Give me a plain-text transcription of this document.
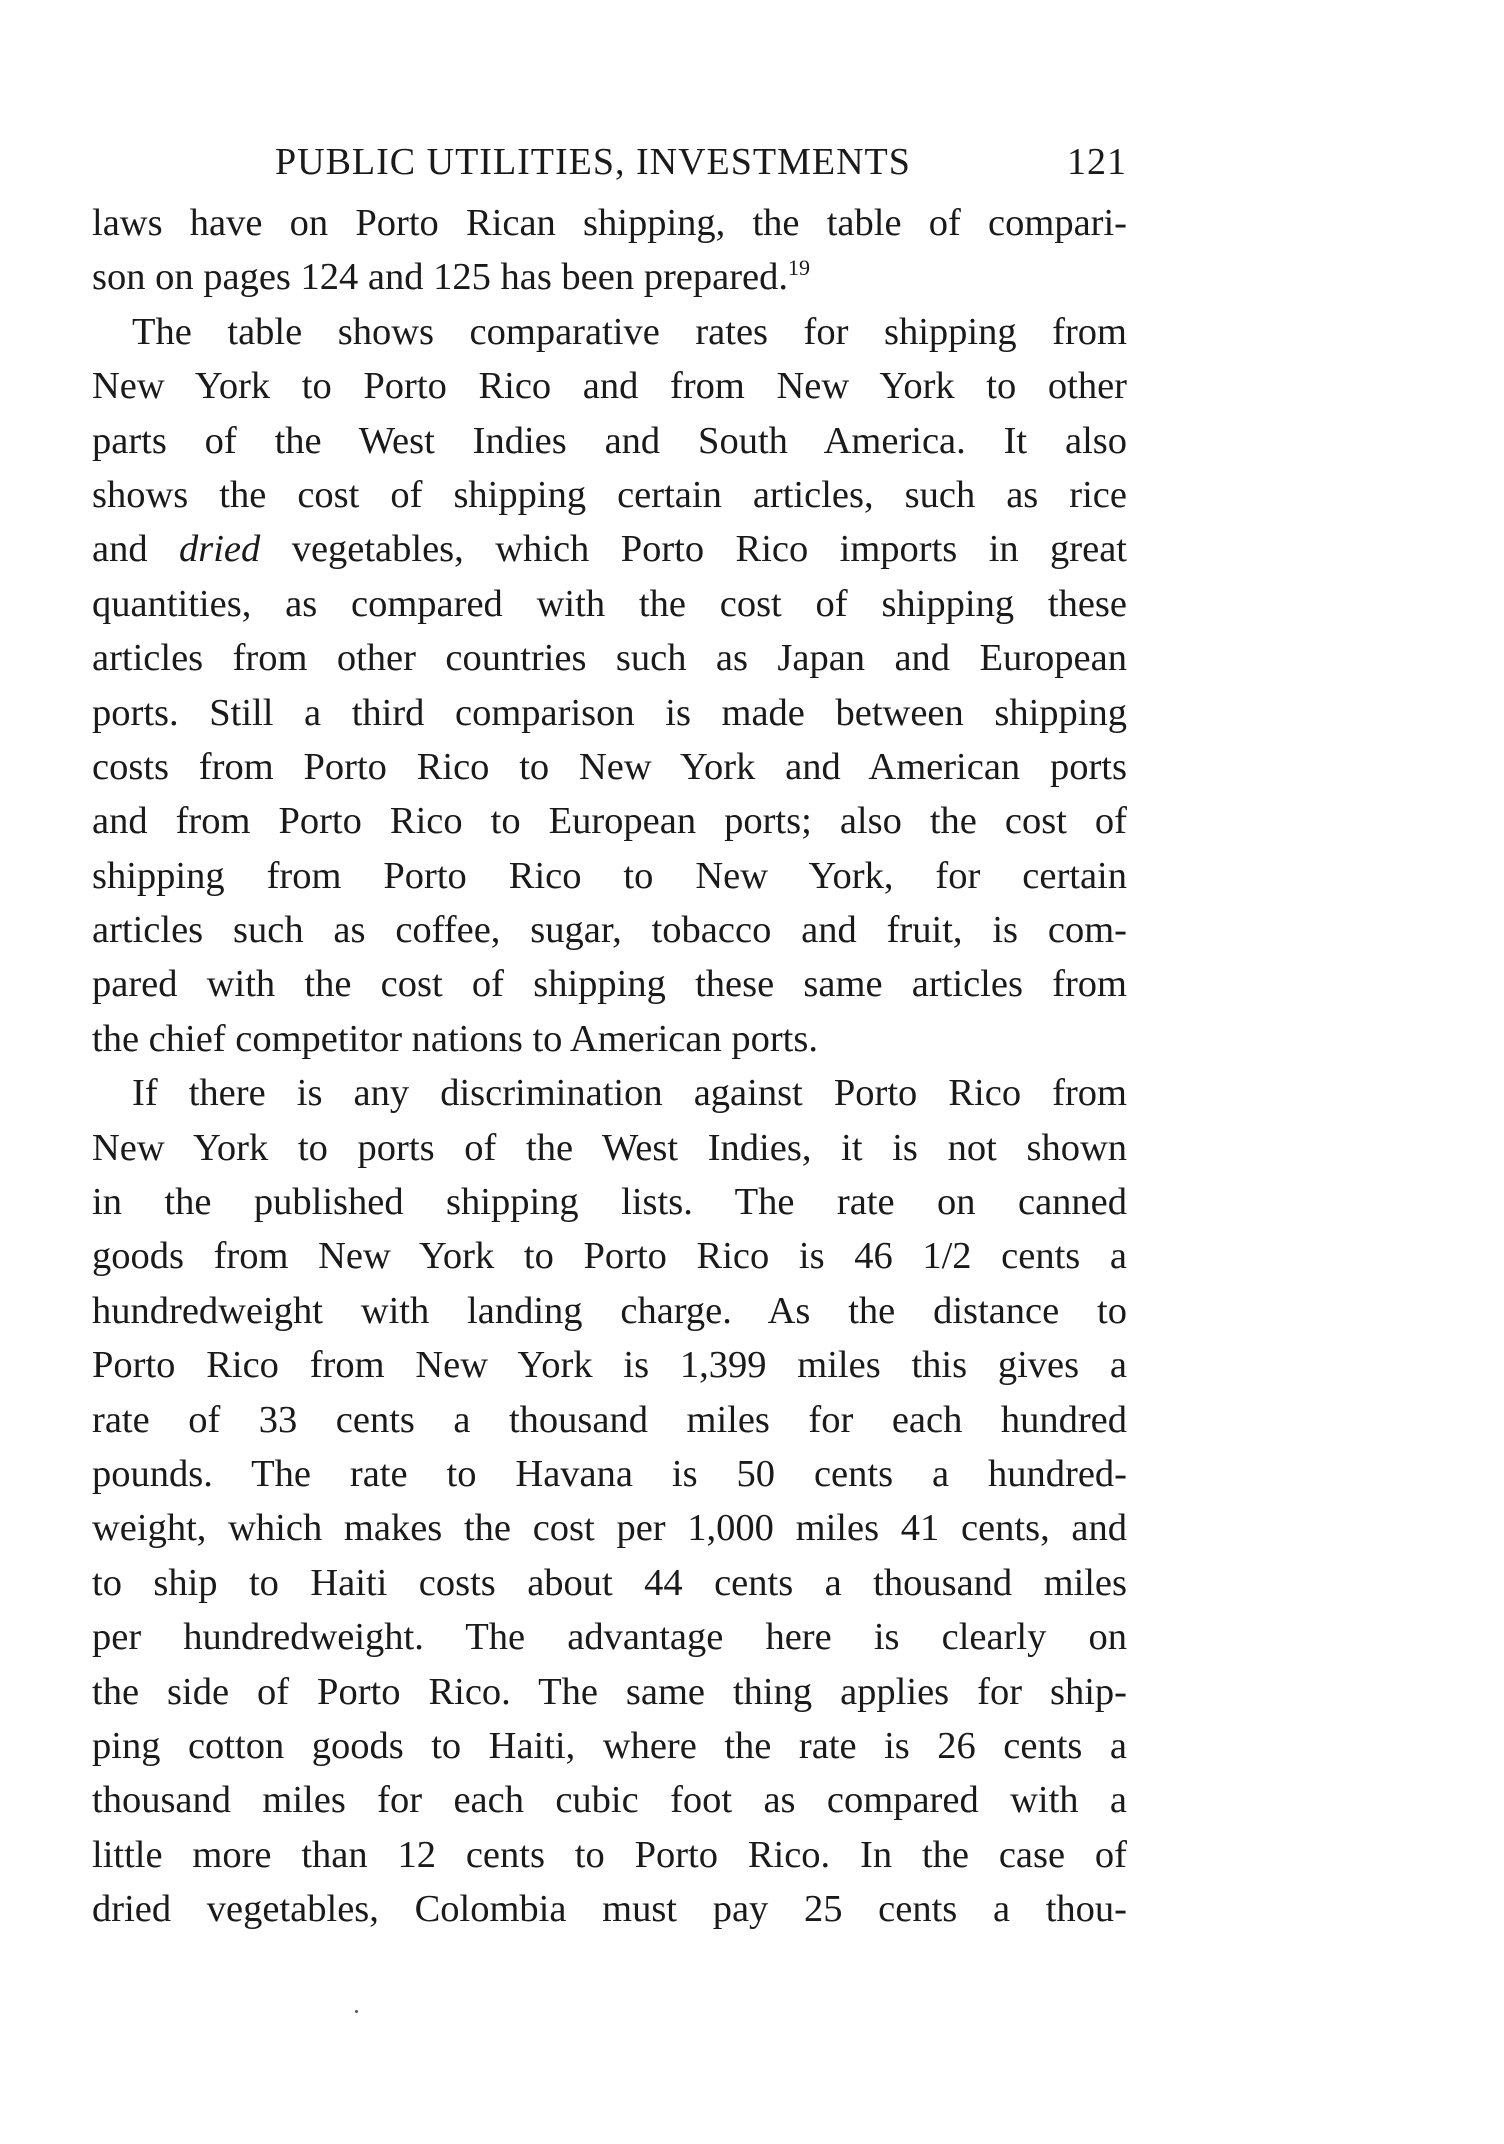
PUBLIC UTILITIES, INVESTMENTS	121
laws have on Porto Rican shipping, the table of compari-
son on pages 124 and 125 has been prepared.$^{19}$
The table shows comparative rates for shipping from
New York to Porto Rico and from New York to other
parts of the West Indies and South America. It also
shows the cost of shipping certain articles, such as rice
and dried vegetables, which Porto Rico imports in great
quantities, as compared with the cost of shipping these
articles from other countries such as Japan and European
ports. Still a third comparison is made between shipping
costs from Porto Rico to New York and American ports
and from Porto Rico to European ports; also the cost of
shipping from Porto Rico to New York, for certain
articles such as coffee, sugar, tobacco and fruit, is com-
pared with the cost of shipping these same articles from
the chief competitor nations to American ports.
If there is any discrimination against Porto Rico from
New York to ports of the West Indies, it is not shown
in the published shipping lists. The rate on canned
goods from New York to Porto Rico is 46 1/2 cents a
hundredweight with landing charge. As the distance to
Porto Rico from New York is 1,399 miles this gives a
rate of 33 cents a thousand miles for each hundred
pounds. The rate to Havana is 50 cents a hundred-
weight, which makes the cost per 1,000 miles 41 cents, and
to ship to Haiti costs about 44 cents a thousand miles
per hundredweight. The advantage here is clearly on
the side of Porto Rico. The same thing applies for ship-
ping cotton goods to Haiti, where the rate is 26 cents a
thousand miles for each cubic foot as compared with a
little more than 12 cents to Porto Rico. In the case of
dried vegetables, Colombia must pay 25 cents a thou-
